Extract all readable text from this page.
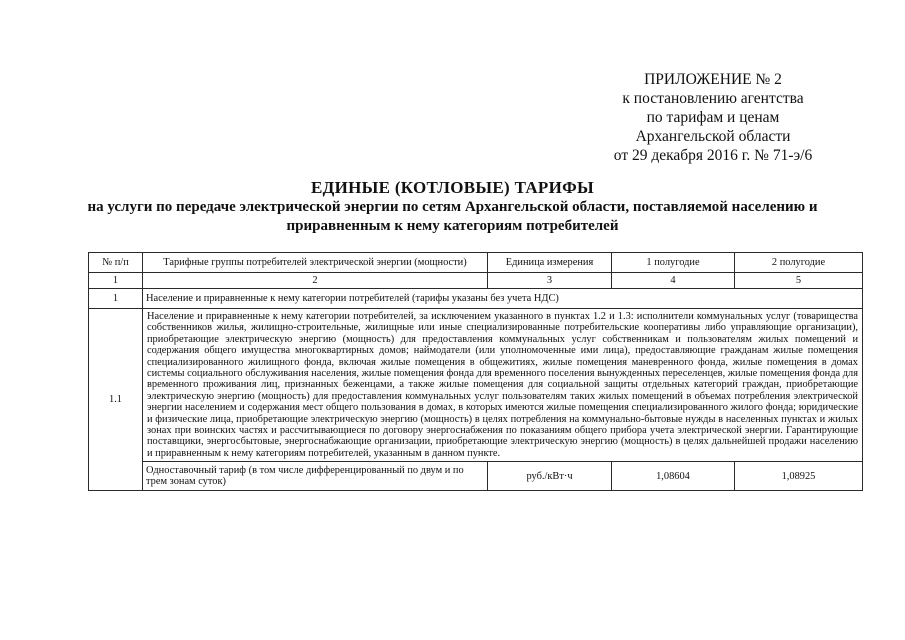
ПРИЛОЖЕНИЕ № 2
к постановлению агентства
по тарифам и ценам
Архангельской области
от 29 декабря 2016 г. № 71-э/6
ЕДИНЫЕ (КОТЛОВЫЕ) ТАРИФЫ
на услуги по передаче электрической энергии по сетям Архангельской области, поставляемой населению и
приравненным к нему категориям потребителей
№ п/п	Тарифные группы потребителей электрической энергии (мощности)	Единица измерения	1 полугодие	2 полугодие
1	2	3	4	5
1	Население и приравненные к нему категории потребителей (тарифы указаны без учета НДС)			
1.1	Население и приравненные к нему категории потребителей, за исключением указанного в пунктах 1.2 и 1.3: исполнители коммунальных услуг (товарищества собственников жилья, жилищно-строительные, жилищные или иные специализированные потребительские кооперативы либо управляющие организации), приобретающие электрическую энергию (мощность) для предоставления коммунальных услуг собственникам и пользователям жилых помещений и содержания общего имущества многоквартирных домов; наймодатели (или уполномоченные ими лица), предоставляющие гражданам жилые помещения специализированного жилищного фонда, включая жилые помещения в общежитиях, жилые помещения маневренного фонда, жилые помещения в домах системы социального обслуживания населения, жилые помещения фонда для временного поселения вынужденных переселенцев, жилые помещения фонда для временного проживания лиц, признанных беженцами, а также жилые помещения для социальной защиты отдельных категорий граждан, приобретающие электрическую энергию (мощность) для предоставления коммунальных услуг пользователям таких жилых помещений в объемах потребления электрической энергии населением и содержания мест общего пользования в домах, в которых имеются жилые помещения специализированного жилого фонда; юридические и физические лица, приобретающие электрическую энергию (мощность) в целях потребления на коммунально-бытовые нужды в населенных пунктах и жилых зонах при воинских частях и рассчитывающиеся по договору энергоснабжения по показаниям общего прибора учета электрической энергии. Гарантирующие поставщики, энергосбытовые, энергоснабжающие организации, приобретающие электрическую энергию (мощность) в целях дальнейшей продажи населению и приравненным к нему категориям потребителей, указанным в данном пункте.			
	Одноставочный тариф (в том числе дифференцированный по двум и по трем зонам суток)	руб./кВт·ч	1,08604	1,08925
